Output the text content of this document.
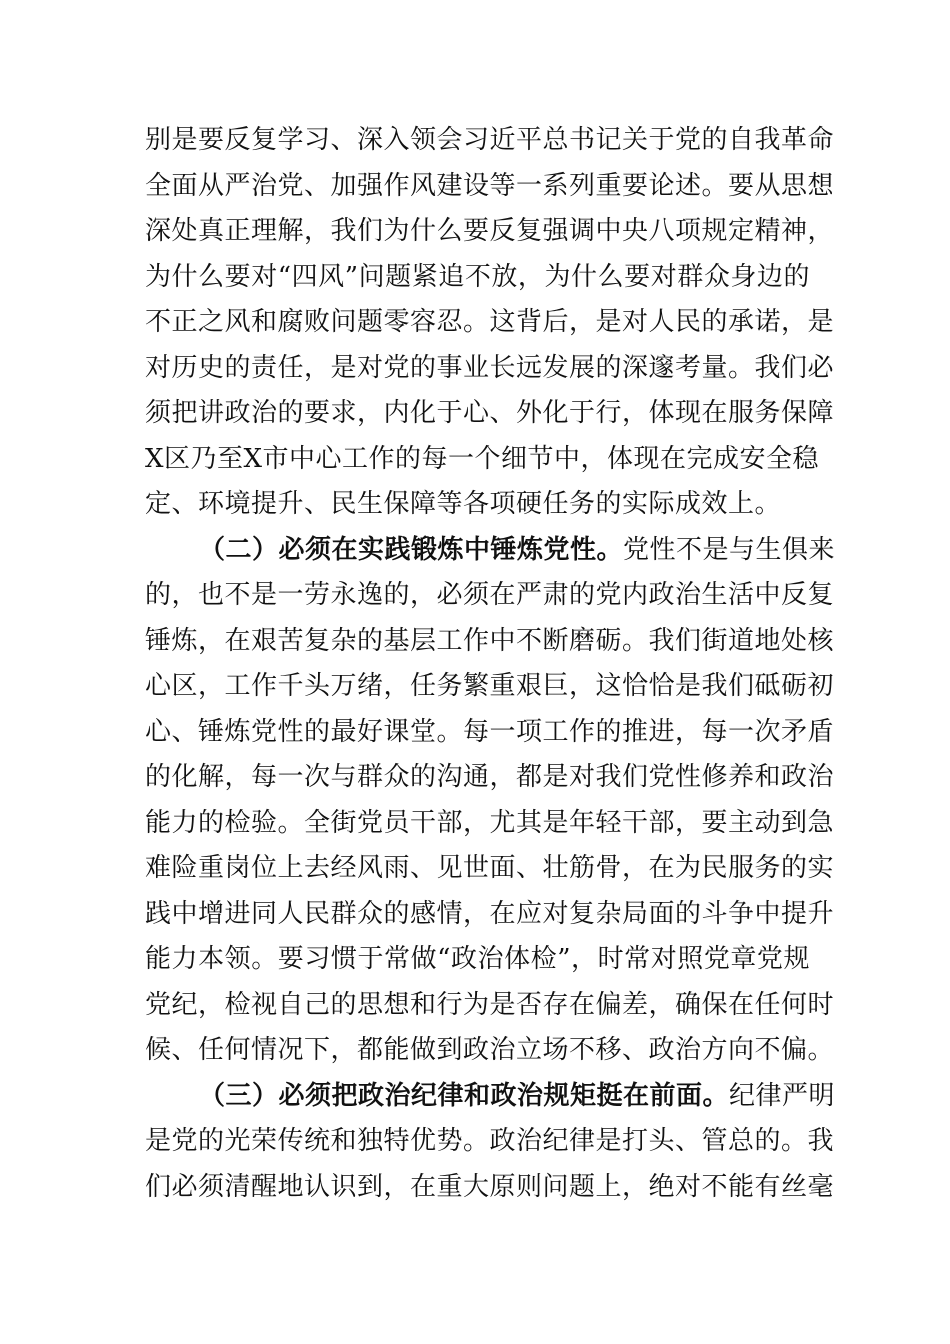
别是要反复学习、深入领会习近平总书记关于党的自我革命
全面从严治党、加强作风建设等一系列重要论述。要从思想
深处真正理解，我们为什么要反复强调中央八项规定精神，
为什么要对“四风”问题紧追不放，为什么要对群众身边的
不正之风和腐败问题零容忍。这背后，是对人民的承诺，是
对历史的责任，是对党的事业长远发展的深邃考量。我们必
须把讲政治的要求，内化于心、外化于行，体现在服务保障
X区乃至X市中心工作的每一个细节中，体现在完成安全稳
定、环境提升、民生保障等各项硬任务的实际成效上。
（二）必须在实践锻炼中锤炼党性。党性不是与生俱来
的，也不是一劳永逸的，必须在严肃的党内政治生活中反复
锤炼，在艰苦复杂的基层工作中不断磨砺。我们街道地处核
心区，工作千头万绪，任务繁重艰巨，这恰恰是我们砥砺初
心、锤炼党性的最好课堂。每一项工作的推进，每一次矛盾
的化解，每一次与群众的沟通，都是对我们党性修养和政治
能力的检验。全街党员干部，尤其是年轻干部，要主动到急
难险重岗位上去经风雨、见世面、壮筋骨，在为民服务的实
践中增进同人民群众的感情，在应对复杂局面的斗争中提升
能力本领。要习惯于常做“政治体检”，时常对照党章党规
党纪，检视自己的思想和行为是否存在偏差，确保在任何时
候、任何情况下，都能做到政治立场不移、政治方向不偏。
（三）必须把政治纪律和政治规矩挺在前面。纪律严明
是党的光荣传统和独特优势。政治纪律是打头、管总的。我
们必须清醒地认识到，在重大原则问题上，绝对不能有丝毫
